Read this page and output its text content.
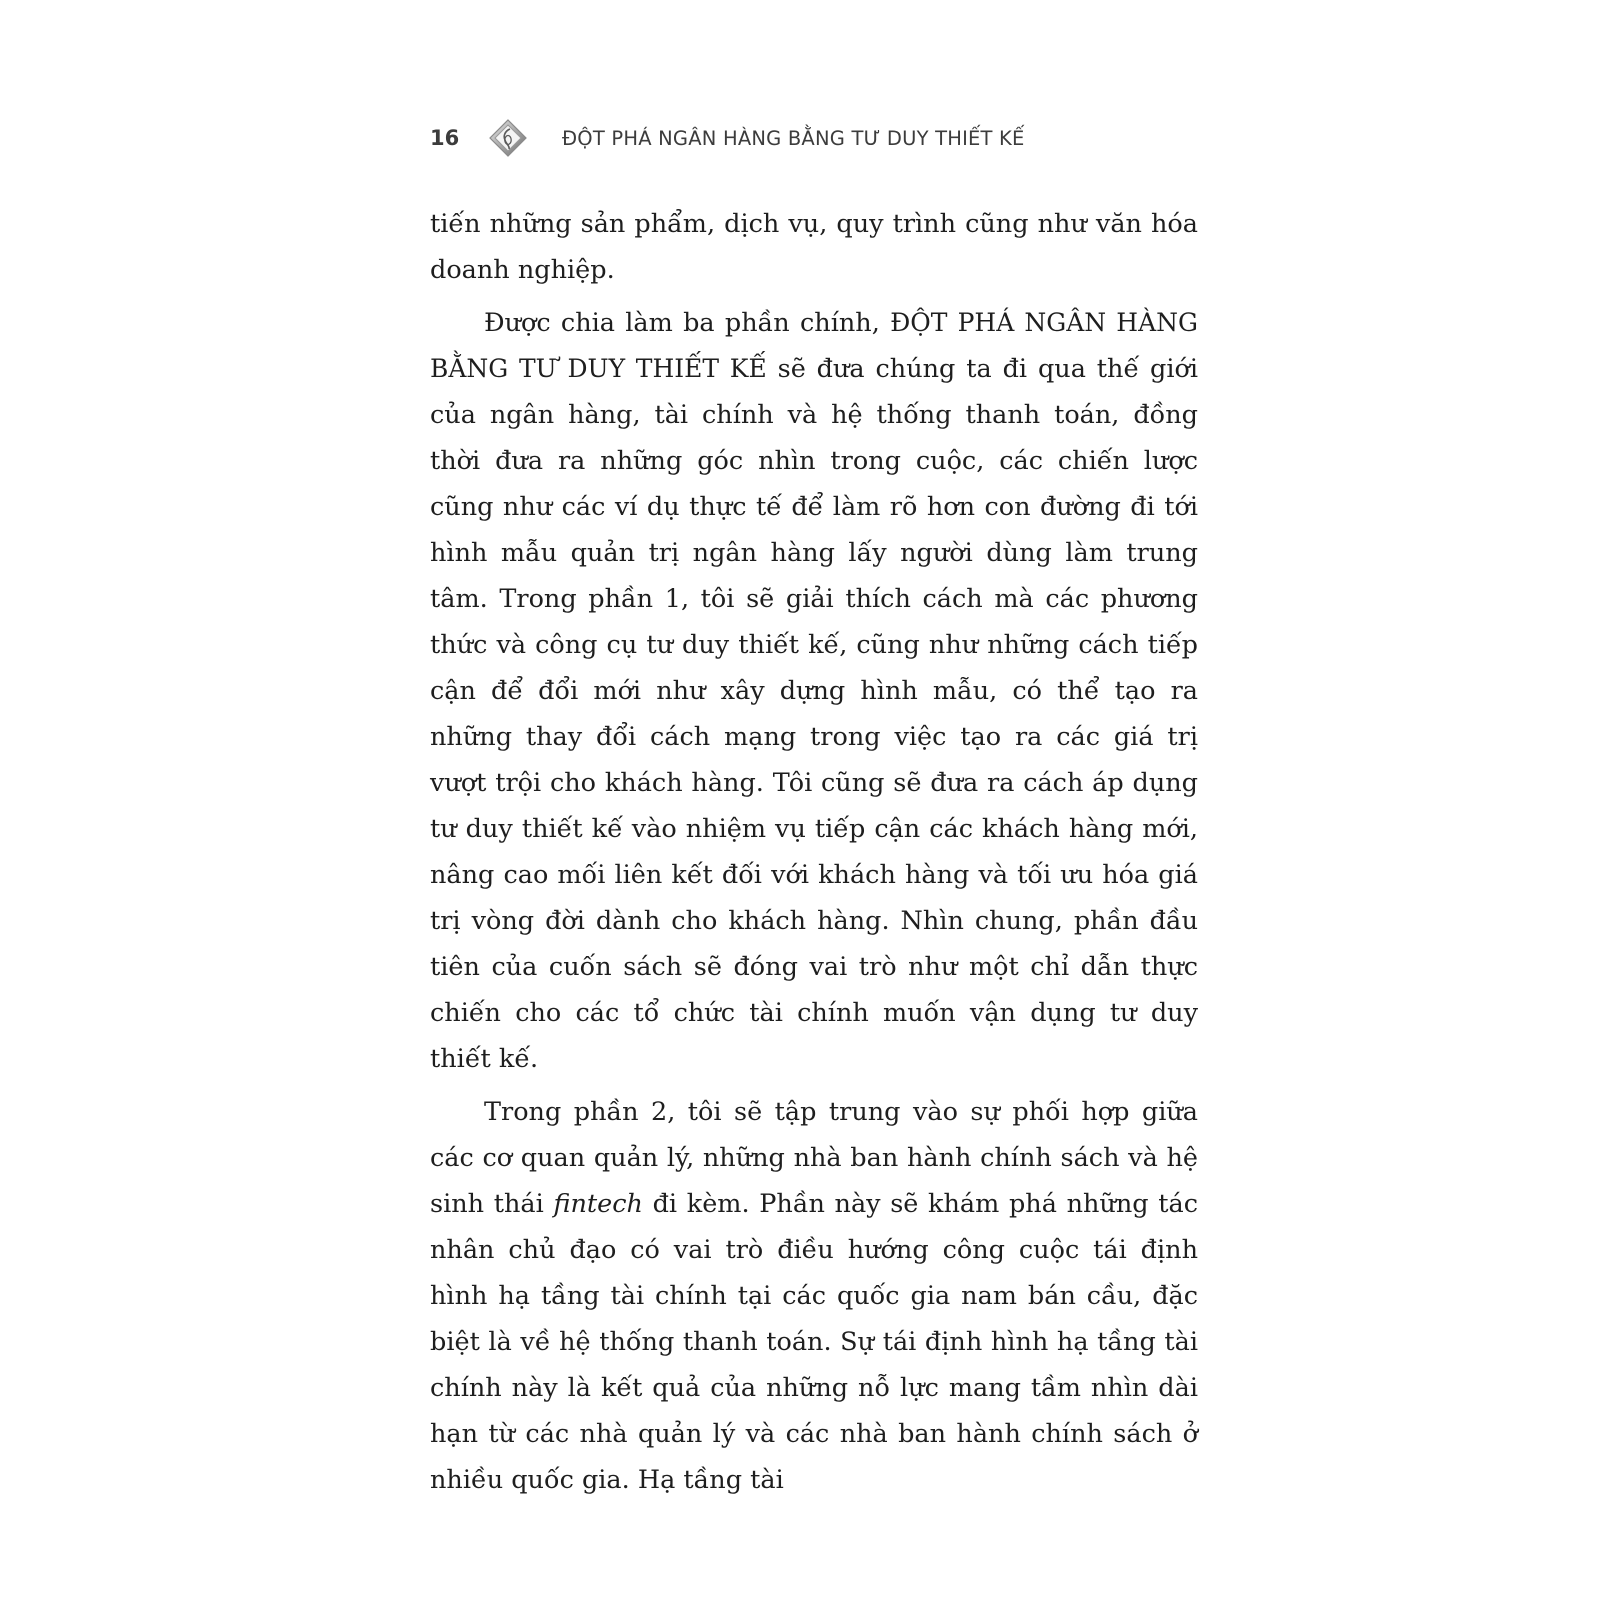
16	ĐỘT PHÁ NGÂN HÀNG BẰNG TƯ DUY THIẾT KẾ

tiến những sản phẩm, dịch vụ, quy trình cũng như văn hóa doanh nghiệp.

Được chia làm ba phần chính, ĐỘT PHÁ NGÂN HÀNG BẰNG TƯ DUY THIẾT KẾ sẽ đưa chúng ta đi qua thế giới của ngân hàng, tài chính và hệ thống thanh toán, đồng thời đưa ra những góc nhìn trong cuộc, các chiến lược cũng như các ví dụ thực tế để làm rõ hơn con đường đi tới hình mẫu quản trị ngân hàng lấy người dùng làm trung tâm. Trong phần 1, tôi sẽ giải thích cách mà các phương thức và công cụ tư duy thiết kế, cũng như những cách tiếp cận để đổi mới như xây dựng hình mẫu, có thể tạo ra những thay đổi cách mạng trong việc tạo ra các giá trị vượt trội cho khách hàng. Tôi cũng sẽ đưa ra cách áp dụng tư duy thiết kế vào nhiệm vụ tiếp cận các khách hàng mới, nâng cao mối liên kết đối với khách hàng và tối ưu hóa giá trị vòng đời dành cho khách hàng. Nhìn chung, phần đầu tiên của cuốn sách sẽ đóng vai trò như một chỉ dẫn thực chiến cho các tổ chức tài chính muốn vận dụng tư duy thiết kế.

Trong phần 2, tôi sẽ tập trung vào sự phối hợp giữa các cơ quan quản lý, những nhà ban hành chính sách và hệ sinh thái fintech đi kèm. Phần này sẽ khám phá những tác nhân chủ đạo có vai trò điều hướng công cuộc tái định hình hạ tầng tài chính tại các quốc gia nam bán cầu, đặc biệt là về hệ thống thanh toán. Sự tái định hình hạ tầng tài chính này là kết quả của những nỗ lực mang tầm nhìn dài hạn từ các nhà quản lý và các nhà ban hành chính sách ở nhiều quốc gia. Hạ tầng tài
